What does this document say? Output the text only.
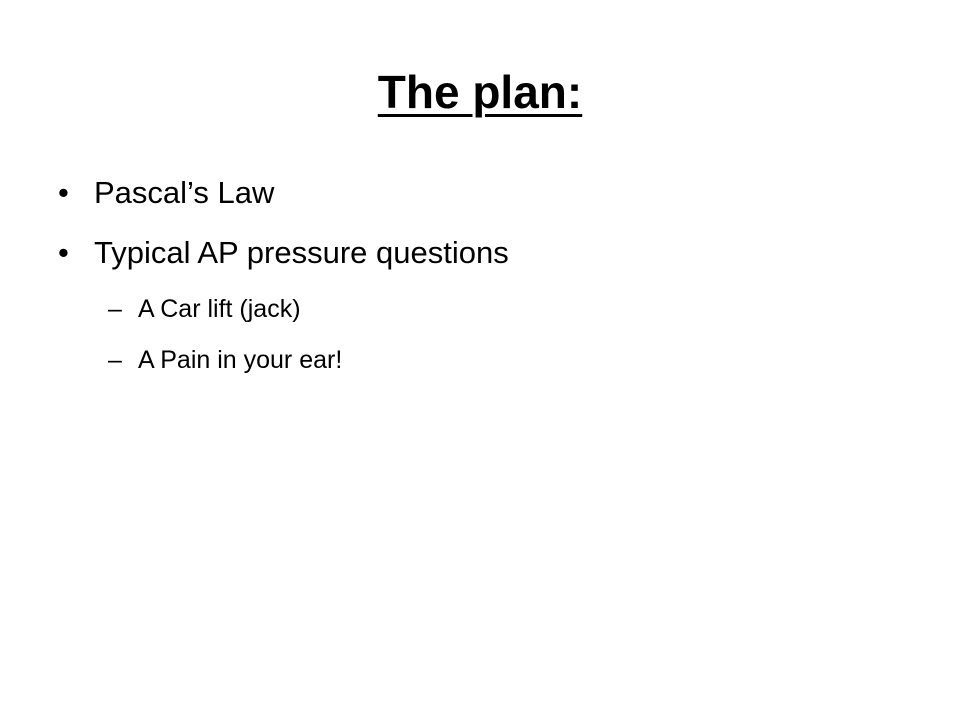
The plan:
• Pascal’s Law
• Typical AP pressure questions
– A Car lift (jack)
– A Pain in your ear!
